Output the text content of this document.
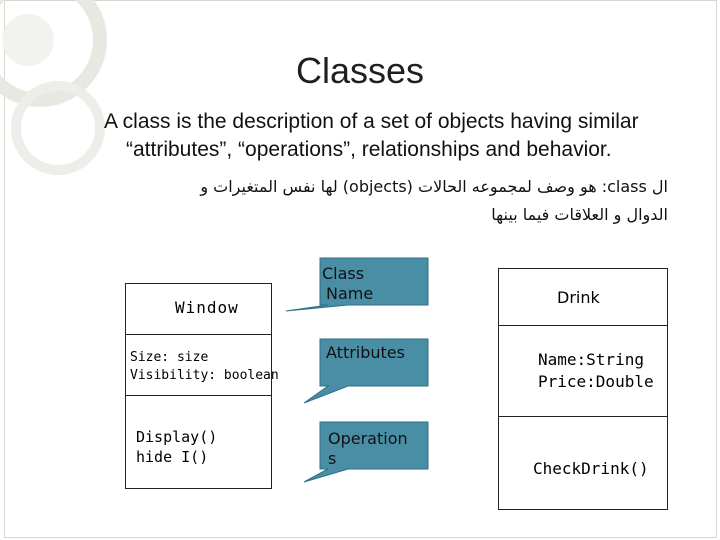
Classes
A class is the description of a set of objects having similar
“attributes”, “operations”, relationships and behavior.
ال class: هو وصف لمجموعه الحالات (objects) لها نفس المتغيرات و
الدوال و العلاقات فيما بينها
Window
Size: size
Visibility: boolean
Display()
hide I()
Class
Name
Attributes
Operation
s
Drink
Name:String
Price:Double
CheckDrink()
